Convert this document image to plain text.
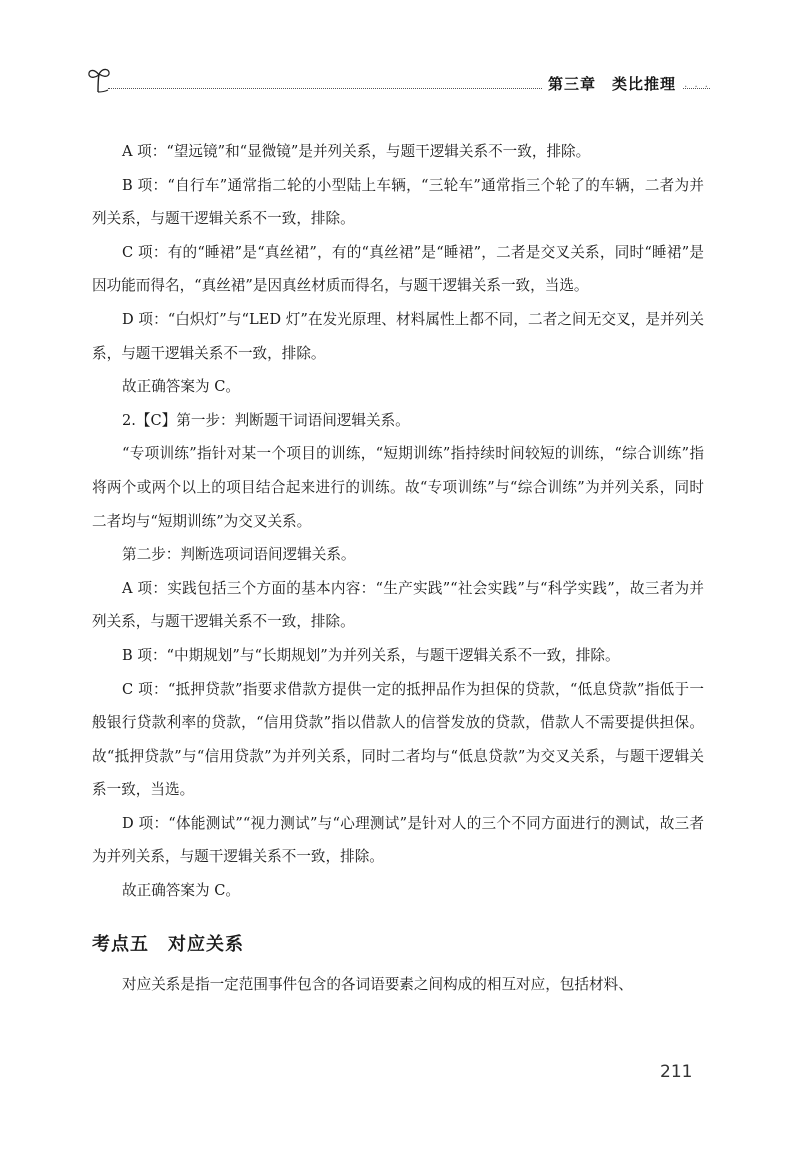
第三章　类比推理 · · ·

A 项：“望远镜”和“显微镜”是并列关系，与题干逻辑关系不一致，排除。

B 项：“自行车”通常指二轮的小型陆上车辆，“三轮车”通常指三个轮了的车辆，二者为并列关系，与题干逻辑关系不一致，排除。

C 项：有的“睡裙”是“真丝裙”，有的“真丝裙”是“睡裙”，二者是交叉关系，同时“睡裙”是因功能而得名，“真丝裙”是因真丝材质而得名，与题干逻辑关系一致，当选。

D 项：“白炽灯”与“LED 灯”在发光原理、材料属性上都不同，二者之间无交叉，是并列关系，与题干逻辑关系不一致，排除。

故正确答案为 C。

2.【C】第一步：判断题干词语间逻辑关系。

“专项训练”指针对某一个项目的训练，“短期训练”指持续时间较短的训练，“综合训练”指将两个或两个以上的项目结合起来进行的训练。故“专项训练”与“综合训练”为并列关系，同时二者均与“短期训练”为交叉关系。

第二步：判断选项词语间逻辑关系。

A 项：实践包括三个方面的基本内容：“生产实践”“社会实践”与“科学实践”，故三者为并列关系，与题干逻辑关系不一致，排除。

B 项：“中期规划”与“长期规划”为并列关系，与题干逻辑关系不一致，排除。

C 项：“抵押贷款”指要求借款方提供一定的抵押品作为担保的贷款，“低息贷款”指低于一般银行贷款利率的贷款，“信用贷款”指以借款人的信誉发放的贷款，借款人不需要提供担保。故“抵押贷款”与“信用贷款”为并列关系，同时二者均与“低息贷款”为交叉关系，与题干逻辑关系一致，当选。

D 项：“体能测试”“视力测试”与“心理测试”是针对人的三个不同方面进行的测试，故三者为并列关系，与题干逻辑关系不一致，排除。

故正确答案为 C。

考点五　对应关系

对应关系是指一定范围事件包含的各词语要素之间构成的相互对应，包括材料、

211
